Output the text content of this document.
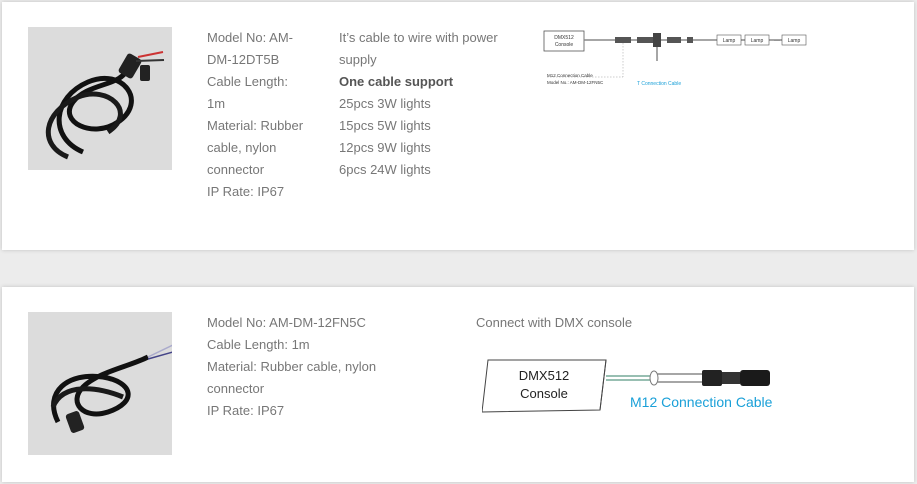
Model No: AM-DM-12DT5B
Cable Length: 1m
Material: Rubber cable, nylon connector
IP Rate: IP67
It’s cable to wire with power supply
One cable support
25pcs 3W lights
15pcs 5W lights
12pcs 9W lights
6pcs 24W lights
DMX512
Console
Lamp	Lamp ··· Lamp
M12 Connection Cable
Model No.: AM-DM-12FN5C	T Connection Cable
Model No: AM-DM-12FN5C
Cable Length: 1m
Material: Rubber cable, nylon connector
IP Rate: IP67
Connect with DMX console
DMX512
Console
M12 Connection Cable
